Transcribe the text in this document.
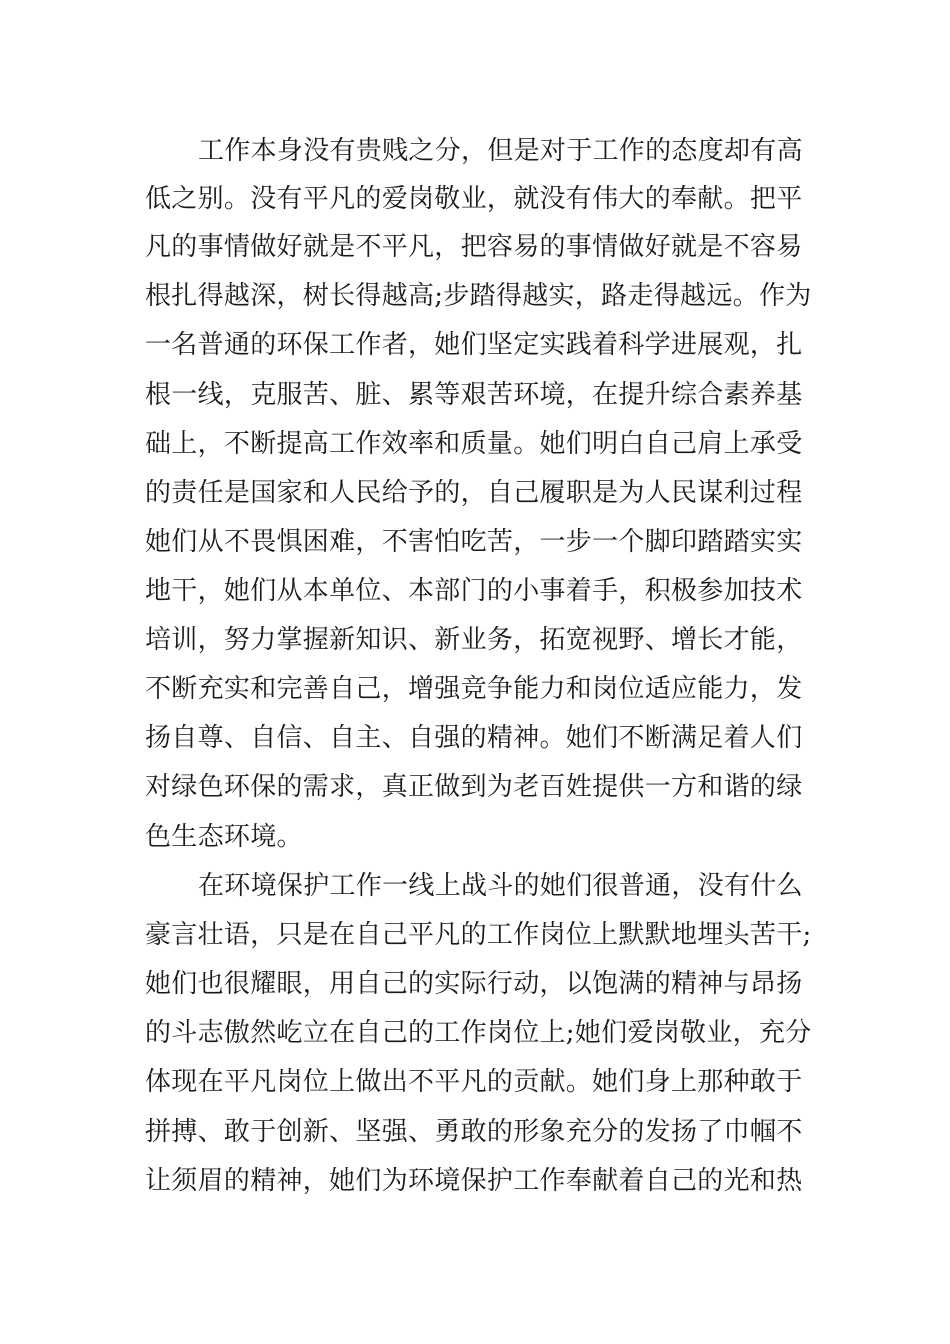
工作本身没有贵贱之分，但是对于工作的态度却有高
低之别。没有平凡的爱岗敬业，就没有伟大的奉献。把平
凡的事情做好就是不平凡，把容易的事情做好就是不容易
根扎得越深，树长得越高;步踏得越实，路走得越远。作为
一名普通的环保工作者，她们坚定实践着科学进展观，扎
根一线，克服苦、脏、累等艰苦环境，在提升综合素养基
础上，不断提高工作效率和质量。她们明白自己肩上承受
的责任是国家和人民给予的，自己履职是为人民谋利过程
她们从不畏惧困难，不害怕吃苦，一步一个脚印踏踏实实
地干，她们从本单位、本部门的小事着手，积极参加技术
培训，努力掌握新知识、新业务，拓宽视野、增长才能，
不断充实和完善自己，增强竞争能力和岗位适应能力，发
扬自尊、自信、自主、自强的精神。她们不断满足着人们
对绿色环保的需求，真正做到为老百姓提供一方和谐的绿
色生态环境。
在环境保护工作一线上战斗的她们很普通，没有什么
豪言壮语，只是在自己平凡的工作岗位上默默地埋头苦干;
她们也很耀眼，用自己的实际行动，以饱满的精神与昂扬
的斗志傲然屹立在自己的工作岗位上;她们爱岗敬业，充分
体现在平凡岗位上做出不平凡的贡献。她们身上那种敢于
拼搏、敢于创新、坚强、勇敢的形象充分的发扬了巾帼不
让须眉的精神，她们为环境保护工作奉献着自己的光和热
